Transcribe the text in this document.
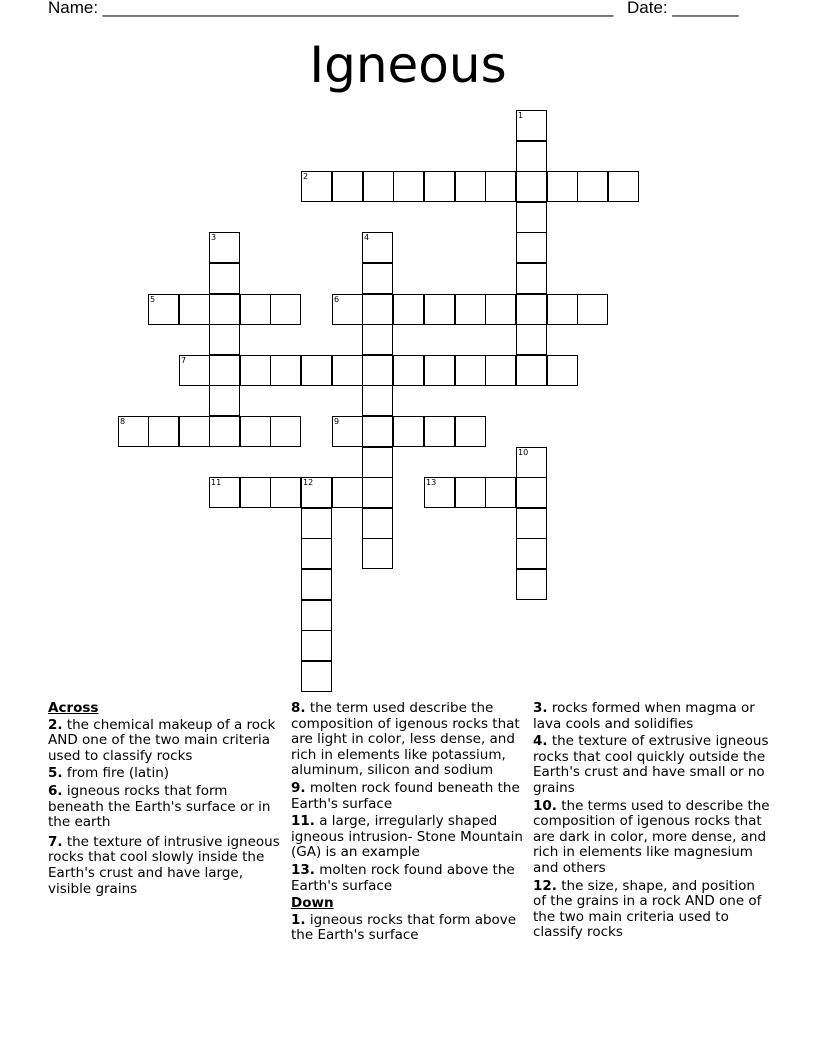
Name: ______________________________________________________ Date: _______
Igneous
1
2
3	4
5	6
7
8	9
10
11	12	13
Across
2. the chemical makeup of a rock AND one of the two main criteria used to classify rocks
5. from fire (latin)
6. igneous rocks that form beneath the Earth's surface or in the earth
7. the texture of intrusive igneous rocks that cool slowly inside the Earth's crust and have large, visible grains
8. the term used describe the composition of igenous rocks that are light in color, less dense, and rich in elements like potassium, aluminum, silicon and sodium
9. molten rock found beneath the Earth's surface
11. a large, irregularly shaped igneous intrusion- Stone Mountain (GA) is an example
13. molten rock found above the Earth's surface
Down
1. igneous rocks that form above the Earth's surface
3. rocks formed when magma or lava cools and solidifies
4. the texture of extrusive igneous rocks that cool quickly outside the Earth's crust and have small or no grains
10. the terms used to describe the composition of igenous rocks that are dark in color, more dense, and rich in elements like magnesium and others
12. the size, shape, and position of the grains in a rock AND one of the two main criteria used to classify rocks
